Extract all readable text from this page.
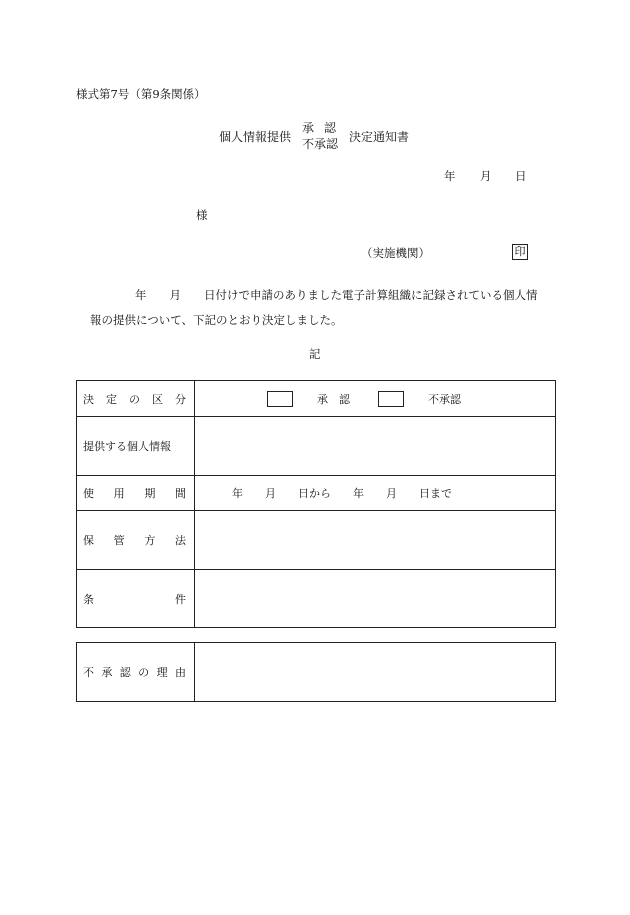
様式第7号（第9条関係）
個人情報提供
承認
不承認
決定通知書
年 月 日
様
（実施機関）	印
年　　月　　日付けで申請のありました電子計算組織に記録されている個人情
報の提供について、下記のとおり決定しました。
記
決 定 の 区 分	承　認 不承認

提供する個人情報	

使 用 期 間	年　　月　　日から　　年　　月　　日まで

保 管 方 法	

条 件	

不 承 認 の 理 由
